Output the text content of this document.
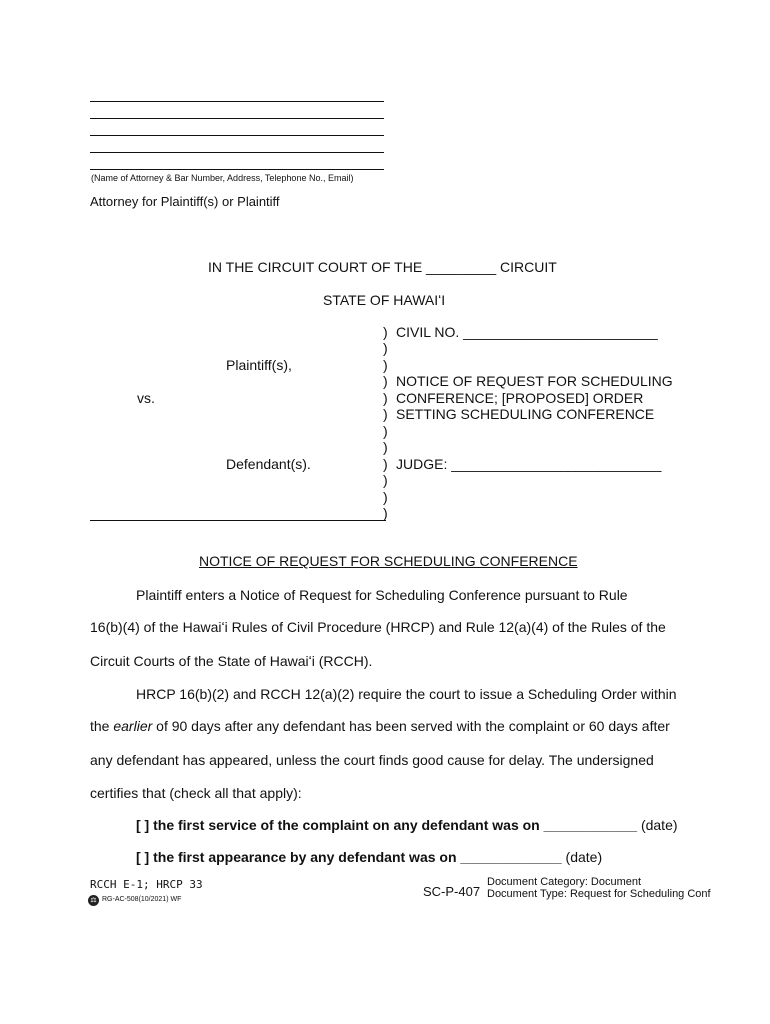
(Name of Attorney & Bar Number, Address, Telephone No., Email)
Attorney for Plaintiff(s) or Plaintiff
IN THE CIRCUIT COURT OF THE _________ CIRCUIT
STATE OF HAWAIʻI
Plaintiff(s),
vs.
Defendant(s).
)
)
)
)
)
)
)
)
)
)
)
)
CIVIL NO. _________________________
NOTICE OF REQUEST FOR SCHEDULING
CONFERENCE; [PROPOSED] ORDER
SETTING SCHEDULING CONFERENCE
JUDGE: ___________________________
NOTICE OF REQUEST FOR SCHEDULING CONFERENCE
Plaintiff enters a Notice of Request for Scheduling Conference pursuant to Rule
16(b)(4) of the Hawaiʻi Rules of Civil Procedure (HRCP) and Rule 12(a)(4) of the Rules of the
Circuit Courts of the State of Hawaiʻi (RCCH).
HRCP 16(b)(2) and RCCH 12(a)(2) require the court to issue a Scheduling Order within
the earlier of 90 days after any defendant has been served with the complaint or 60 days after
any defendant has appeared, unless the court finds good cause for delay. The undersigned
certifies that (check all that apply):
[ ] the first service of the complaint on any defendant was on ____________ (date)
[ ] the first appearance by any defendant was on _____________ (date)
RCCH E-1; HRCP 33
⚖ RG-AC-508(10/2021) WF
SC-P-407
Document Category: Document
Document Type: Request for Scheduling Conf
